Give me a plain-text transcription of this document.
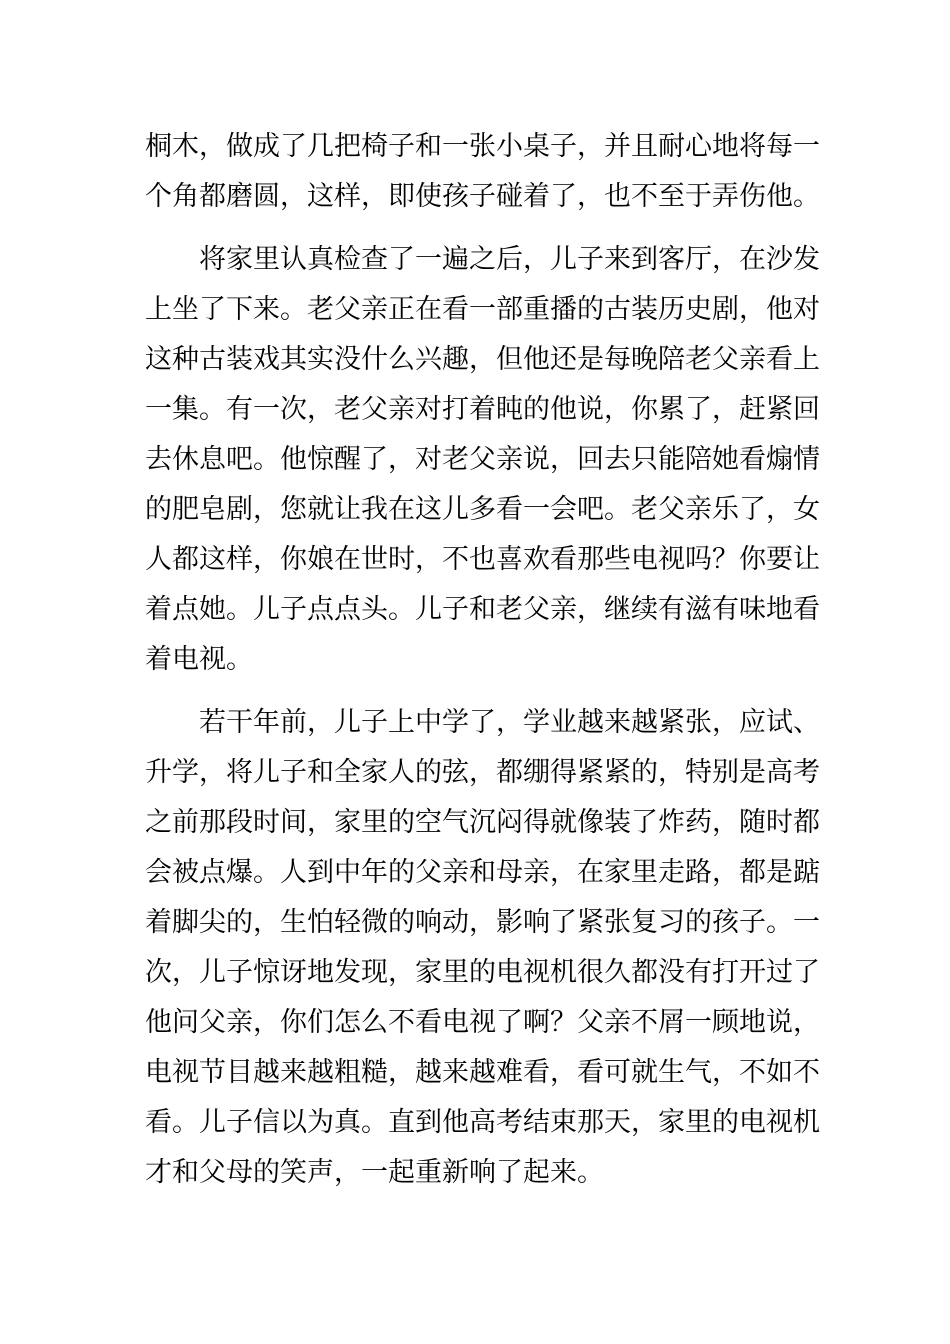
桐木，做成了几把椅子和一张小桌子，并且耐心地将每一
个角都磨圆，这样，即使孩子碰着了，也不至于弄伤他。

　　将家里认真检查了一遍之后，儿子来到客厅，在沙发
上坐了下来。老父亲正在看一部重播的古装历史剧，他对
这种古装戏其实没什么兴趣，但他还是每晚陪老父亲看上
一集。有一次，老父亲对打着盹的他说，你累了，赶紧回
去休息吧。他惊醒了，对老父亲说，回去只能陪她看煽情
的肥皂剧，您就让我在这儿多看一会吧。老父亲乐了，女
人都这样，你娘在世时，不也喜欢看那些电视吗？你要让
着点她。儿子点点头。儿子和老父亲，继续有滋有味地看
着电视。

　　若干年前，儿子上中学了，学业越来越紧张，应试、
升学，将儿子和全家人的弦，都绷得紧紧的，特别是高考
之前那段时间，家里的空气沉闷得就像装了炸药，随时都
会被点爆。人到中年的父亲和母亲，在家里走路，都是踮
着脚尖的，生怕轻微的响动，影响了紧张复习的孩子。一
次，儿子惊讶地发现，家里的电视机很久都没有打开过了
他问父亲，你们怎么不看电视了啊？父亲不屑一顾地说，
电视节目越来越粗糙，越来越难看，看可就生气，不如不
看。儿子信以为真。直到他高考结束那天，家里的电视机
才和父母的笑声，一起重新响了起来。
